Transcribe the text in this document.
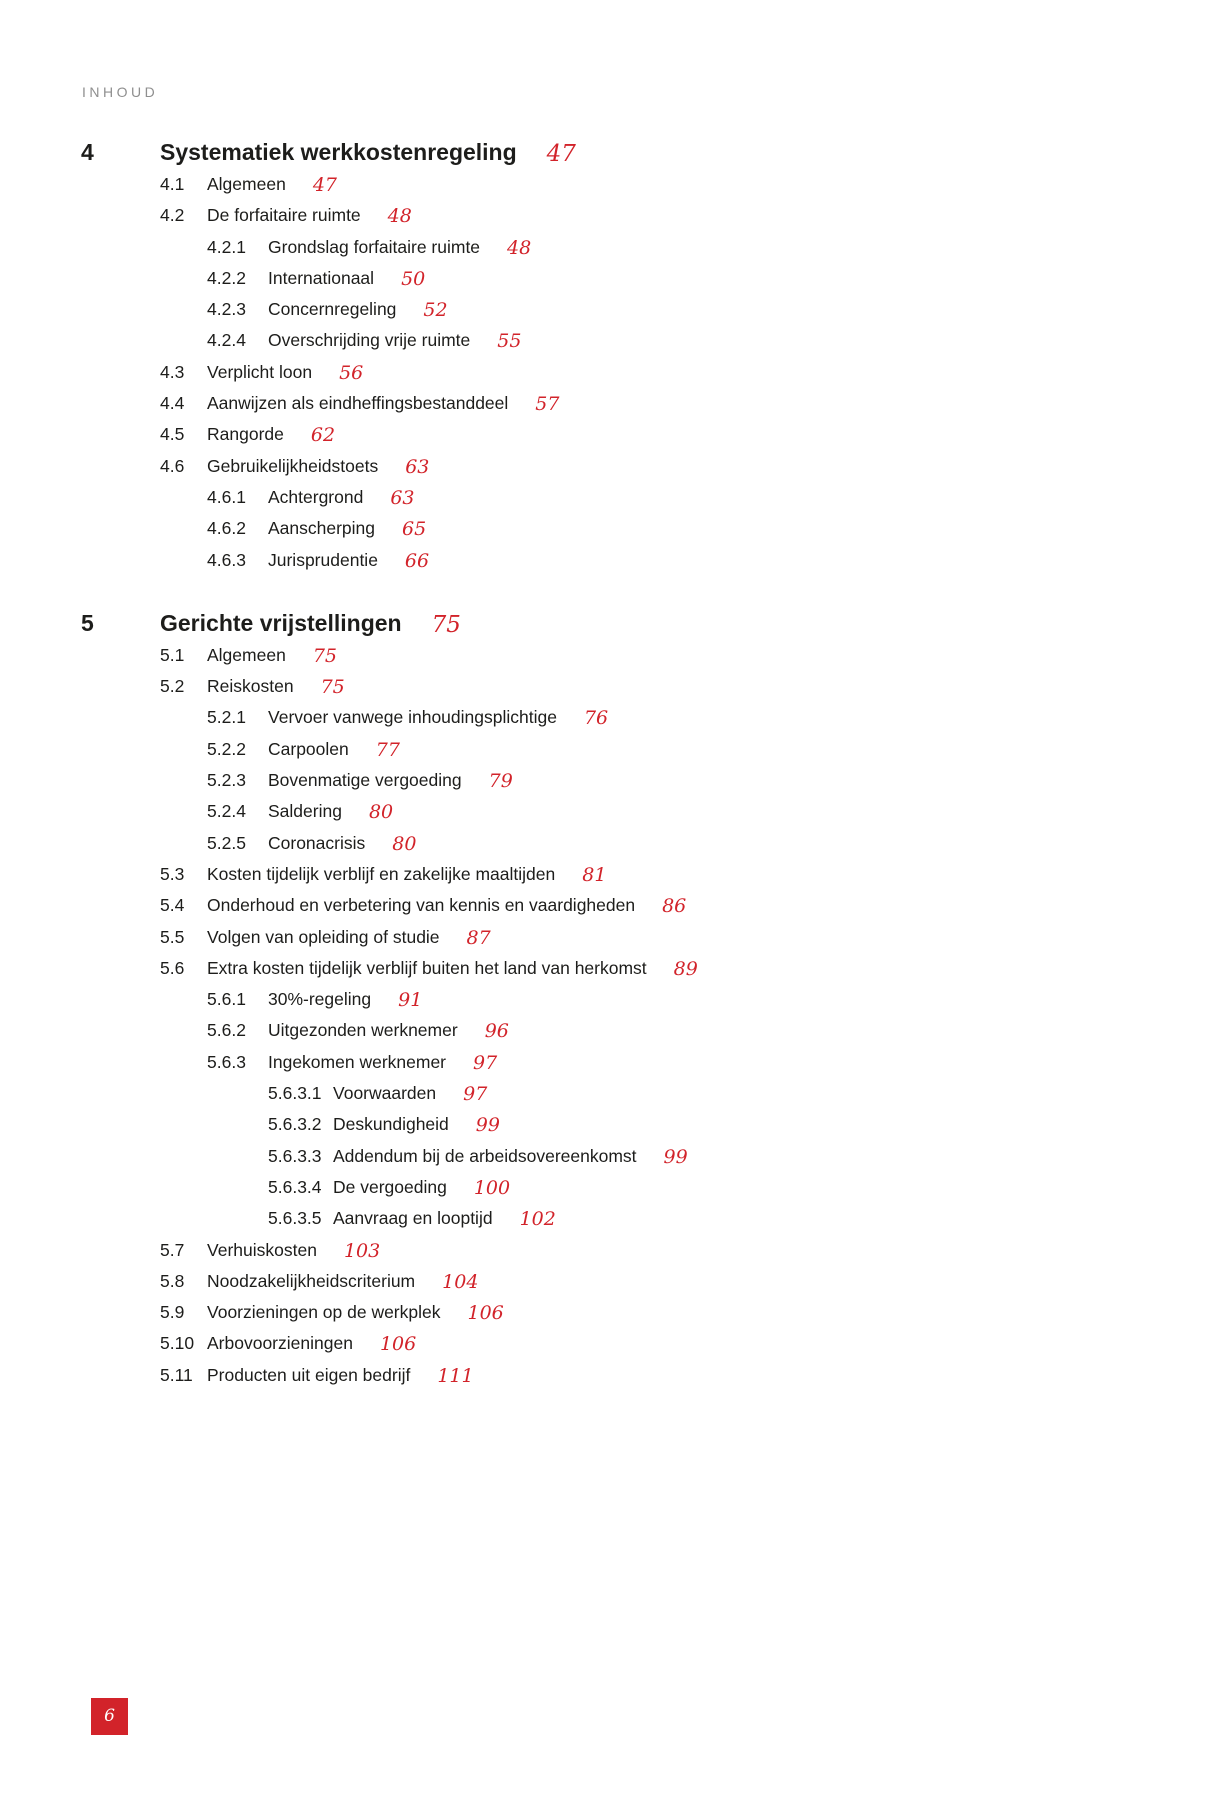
INHOUD
4	Systematiek werkkostenregeling 47
4.1	Algemeen 47
4.2	De forfaitaire ruimte 48
4.2.1	Grondslag forfaitaire ruimte 48
4.2.2	Internationaal 50
4.2.3	Concernregeling 52
4.2.4	Overschrijding vrije ruimte 55
4.3	Verplicht loon 56
4.4	Aanwijzen als eindheffingsbestanddeel 57
4.5	Rangorde 62
4.6	Gebruikelijkheidstoets 63
4.6.1	Achtergrond 63
4.6.2	Aanscherping 65
4.6.3	Jurisprudentie 66
5	Gerichte vrijstellingen 75
5.1	Algemeen 75
5.2	Reiskosten 75
5.2.1	Vervoer vanwege inhoudingsplichtige 76
5.2.2	Carpoolen 77
5.2.3	Bovenmatige vergoeding 79
5.2.4	Saldering 80
5.2.5	Coronacrisis 80
5.3	Kosten tijdelijk verblijf en zakelijke maaltijden 81
5.4	Onderhoud en verbetering van kennis en vaardigheden 86
5.5	Volgen van opleiding of studie 87
5.6	Extra kosten tijdelijk verblijf buiten het land van herkomst 89
5.6.1	30%-regeling 91
5.6.2	Uitgezonden werknemer 96
5.6.3	Ingekomen werknemer 97
5.6.3.1 Voorwaarden 97
5.6.3.2 Deskundigheid 99
5.6.3.3 Addendum bij de arbeidsovereenkomst 99
5.6.3.4 De vergoeding 100
5.6.3.5 Aanvraag en looptijd 102
5.7	Verhuiskosten 103
5.8	Noodzakelijkheidscriterium 104
5.9	Voorzieningen op de werkplek 106
5.10 Arbovoorzieningen 106
5.11 Producten uit eigen bedrijf 111
6
